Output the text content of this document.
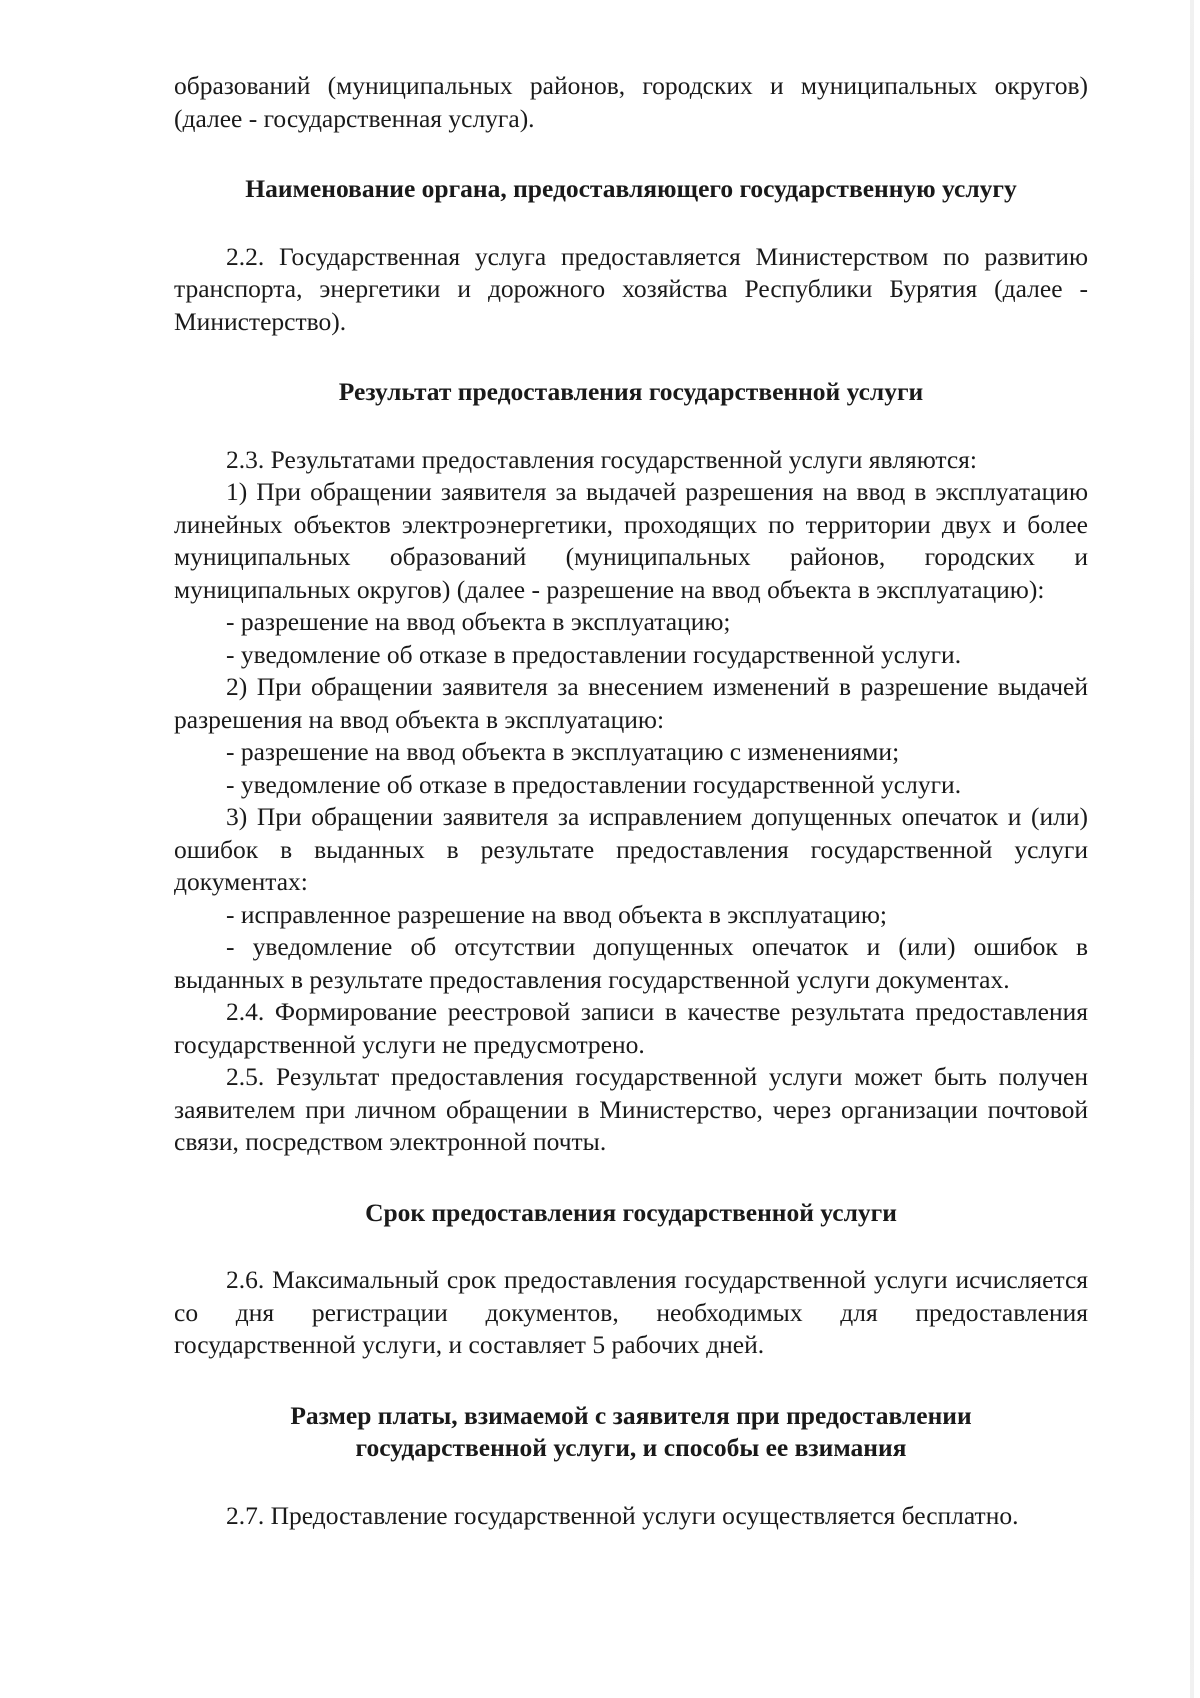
образований (муниципальных районов, городских и муниципальных округов)

(далее - государственная услуга).

Наименование органа, предоставляющего государственную услугу

2.2. Государственная услуга предоставляется Министерством по развитию транспорта, энергетики и дорожного хозяйства Республики Бурятия (далее - Министерство).

Результат предоставления государственной услуги

2.3. Результатами предоставления государственной услуги являются:

1) При обращении заявителя за выдачей разрешения на ввод в эксплуатацию линейных объектов электроэнергетики, проходящих по территории двух и более муниципальных образований (муниципальных районов, городских и муниципальных округов) (далее - разрешение на ввод объекта в эксплуатацию):

- разрешение на ввод объекта в эксплуатацию;

- уведомление об отказе в предоставлении государственной услуги.

2) При обращении заявителя за внесением изменений в разрешение выдачей разрешения на ввод объекта в эксплуатацию:

- разрешение на ввод объекта в эксплуатацию с изменениями;

- уведомление об отказе в предоставлении государственной услуги.

3) При обращении заявителя за исправлением допущенных опечаток и (или) ошибок в выданных в результате предоставления государственной услуги документах:

- исправленное разрешение на ввод объекта в эксплуатацию;

- уведомление об отсутствии допущенных опечаток и (или) ошибок в выданных в результате предоставления государственной услуги документах.

2.4. Формирование реестровой записи в качестве результата предоставления государственной услуги не предусмотрено.

2.5. Результат предоставления государственной услуги может быть получен заявителем при личном обращении в Министерство, через организации почтовой связи, посредством электронной почты.

Срок предоставления государственной услуги

2.6. Максимальный срок предоставления государственной услуги исчисляется со дня регистрации документов, необходимых для предоставления государственной услуги, и составляет 5 рабочих дней.

Размер платы, взимаемой с заявителя при предоставлении
государственной услуги, и способы ее взимания

2.7. Предоставление государственной услуги осуществляется бесплатно.
